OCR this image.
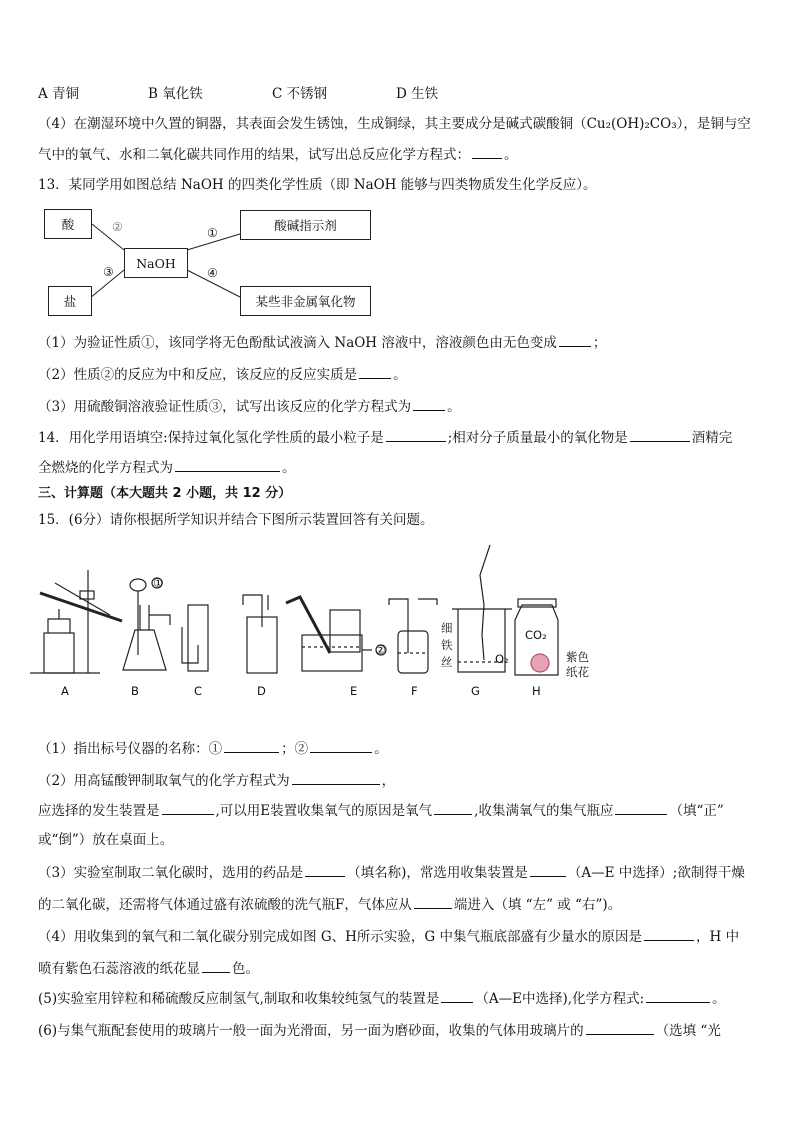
A 青铜	B 氧化铁	C 不锈钢	D 生铁
（4）在潮湿环境中久置的铜器，其表面会发生锈蚀，生成铜绿，其主要成分是碱式碳酸铜（Cu₂(OH)₂CO₃），是铜与空
气中的氧气、水和二氧化碳共同作用的结果，试写出总反应化学方程式：	。
13．某同学用如图总结 NaOH 的四类化学性质（即 NaOH 能够与四类物质发生化学反应）。
酸	酸碱指示剂
NaOH
盐	某些非金属氧化物
②	①
③	④
（1）为验证性质①，该同学将无色酚酞试液滴入 NaOH 溶液中，溶液颜色由无色变成	；
（2）性质②的反应为中和反应，该反应的反应实质是	。
（3）用硫酸铜溶液验证性质③，试写出该反应的化学方程式为	。
14．用化学用语填空:保持过氧化氢化学性质的最小粒子是	;相对分子质量最小的氧化物是	酒精完
全燃烧的化学方程式为	。
三、计算题（本大题共 2 小题，共 12 分）
15．(6分）请你根据所学知识并结合下图所示装置回答有关问题。
①
②
细铁丝	O₂
CO₂
紫色纸花
A	B	C	D	E	F	G	H
（1）指出标号仪器的名称：①	；②	。
（2）用高锰酸钾制取氧气的化学方程式为	，
应选择的发生装置是	,可以用E装置收集氧气的原因是氧气	,收集满氧气的集气瓶应	（填“正”
或“倒”）放在桌面上。
（3）实验室制取二氧化碳时，选用的药品是	（填名称)，常选用收集装置是	（A—E 中选择）;欲制得干燥
的二氧化碳，还需将气体通过盛有浓硫酸的洗气瓶F，气体应从	端进入（填 “左” 或 “右”)。
（4）用收集到的氧气和二氧化碳分别完成如图 G、H所示实验，G 中集气瓶底部盛有少量水的原因是	，H 中
喷有紫色石蕊溶液的纸花显 色。
(5)实验室用锌粒和稀硫酸反应制氢气,制取和收集较纯氢气的装置是	（A—E中选择),化学方程式:	。
(6)与集气瓶配套使用的玻璃片一般一面为光滑面，另一面为磨砂面，收集的气体用玻璃片的	（选填 “光
